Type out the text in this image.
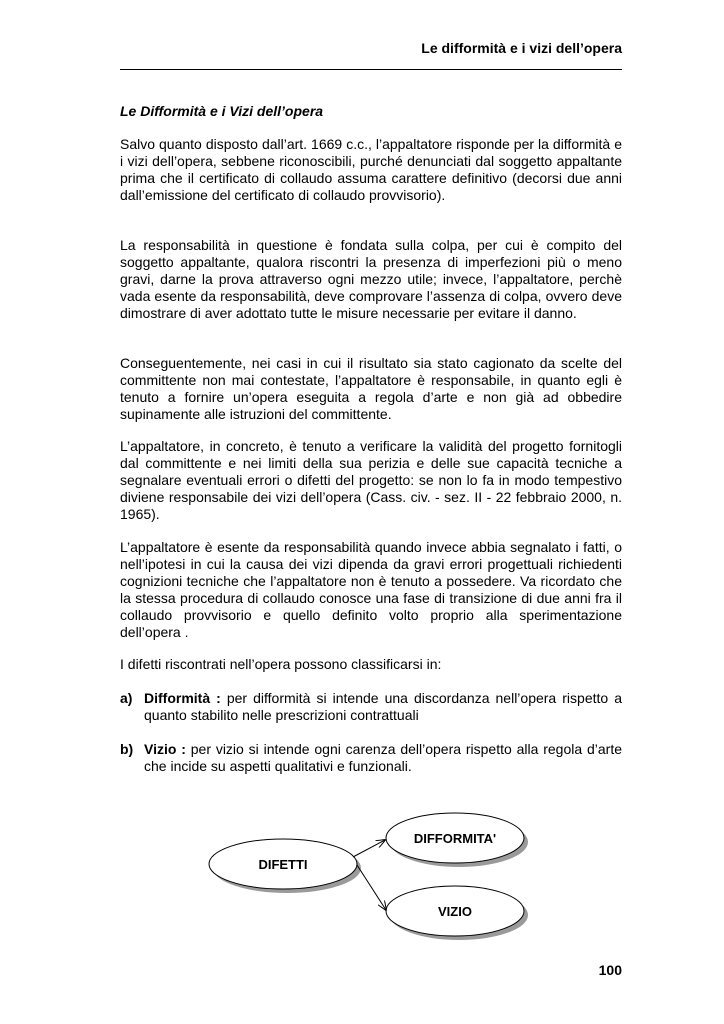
Le difformità e i vizi dell’opera
Le Difformità e i Vizi dell’opera

Salvo quanto disposto dall’art. 1669 c.c., l’appaltatore risponde per la difformità e i vizi dell’opera, sebbene riconoscibili, purché denunciati dal soggetto appaltante prima che il certificato di collaudo assuma carattere definitivo (decorsi due anni dall’emissione del certificato di collaudo provvisorio).

La responsabilità in questione è fondata sulla colpa, per cui è compito del soggetto appaltante, qualora riscontri la presenza di imperfezioni più o meno gravi, darne la prova attraverso ogni mezzo utile; invece, l’appaltatore, perchè vada esente da responsabilità, deve comprovare l’assenza di colpa, ovvero deve dimostrare di aver adottato tutte le misure necessarie per evitare il danno.

Conseguentemente, nei casi in cui il risultato sia stato cagionato da scelte del committente non mai contestate, l’appaltatore è responsabile, in quanto egli è tenuto a fornire un’opera eseguita a regola d’arte e non già ad obbedire supinamente alle istruzioni del committente.

L’appaltatore, in concreto, è tenuto a verificare la validità del progetto fornitogli dal committente e nei limiti della sua perizia e delle sue capacità tecniche a segnalare eventuali errori o difetti del progetto: se non lo fa in modo tempestivo diviene responsabile dei vizi dell’opera (Cass. civ. - sez. II - 22 febbraio 2000, n. 1965).

L’appaltatore è esente da responsabilità quando invece abbia segnalato i fatti, o nell’ipotesi in cui la causa dei vizi dipenda da gravi errori progettuali richiedenti cognizioni tecniche che l’appaltatore non è tenuto a possedere. Va ricordato che la stessa procedura di collaudo conosce una fase di transizione di due anni fra il collaudo provvisorio e quello definito volto proprio alla sperimentazione dell’opera .

I difetti riscontrati nell’opera possono classificarsi in:

a) Difformità : per difformità si intende una discordanza nell’opera rispetto a quanto stabilito nelle prescrizioni contrattuali
b) Vizio : per vizio si intende ogni carenza dell’opera rispetto alla regola d’arte che incide su aspetti qualitativi e funzionali.
DIFETTI
DIFFORMITA'
VIZIO
100
